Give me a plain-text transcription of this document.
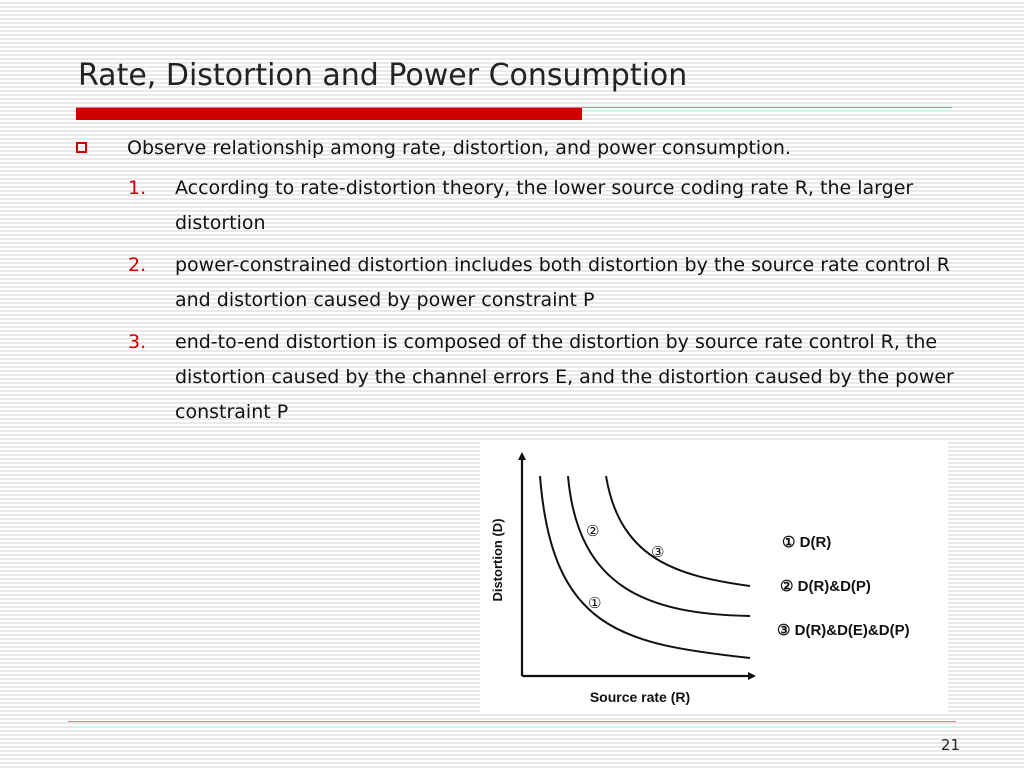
Rate, Distortion and Power Consumption
Observe relationship among rate, distortion, and power consumption.
1. According to rate-distortion theory, the lower source coding rate R, the larger distortion
2. power-constrained distortion includes both distortion by the source rate control R and distortion caused by power constraint P
3. end-to-end distortion is composed of the distortion by source rate control R, the distortion caused by the channel errors E, and the distortion caused by the power constraint P
Distortion (D)
Source rate (R)
①
②
③
① D(R)
② D(R)&D(P)
③ D(R)&D(E)&D(P)
21
